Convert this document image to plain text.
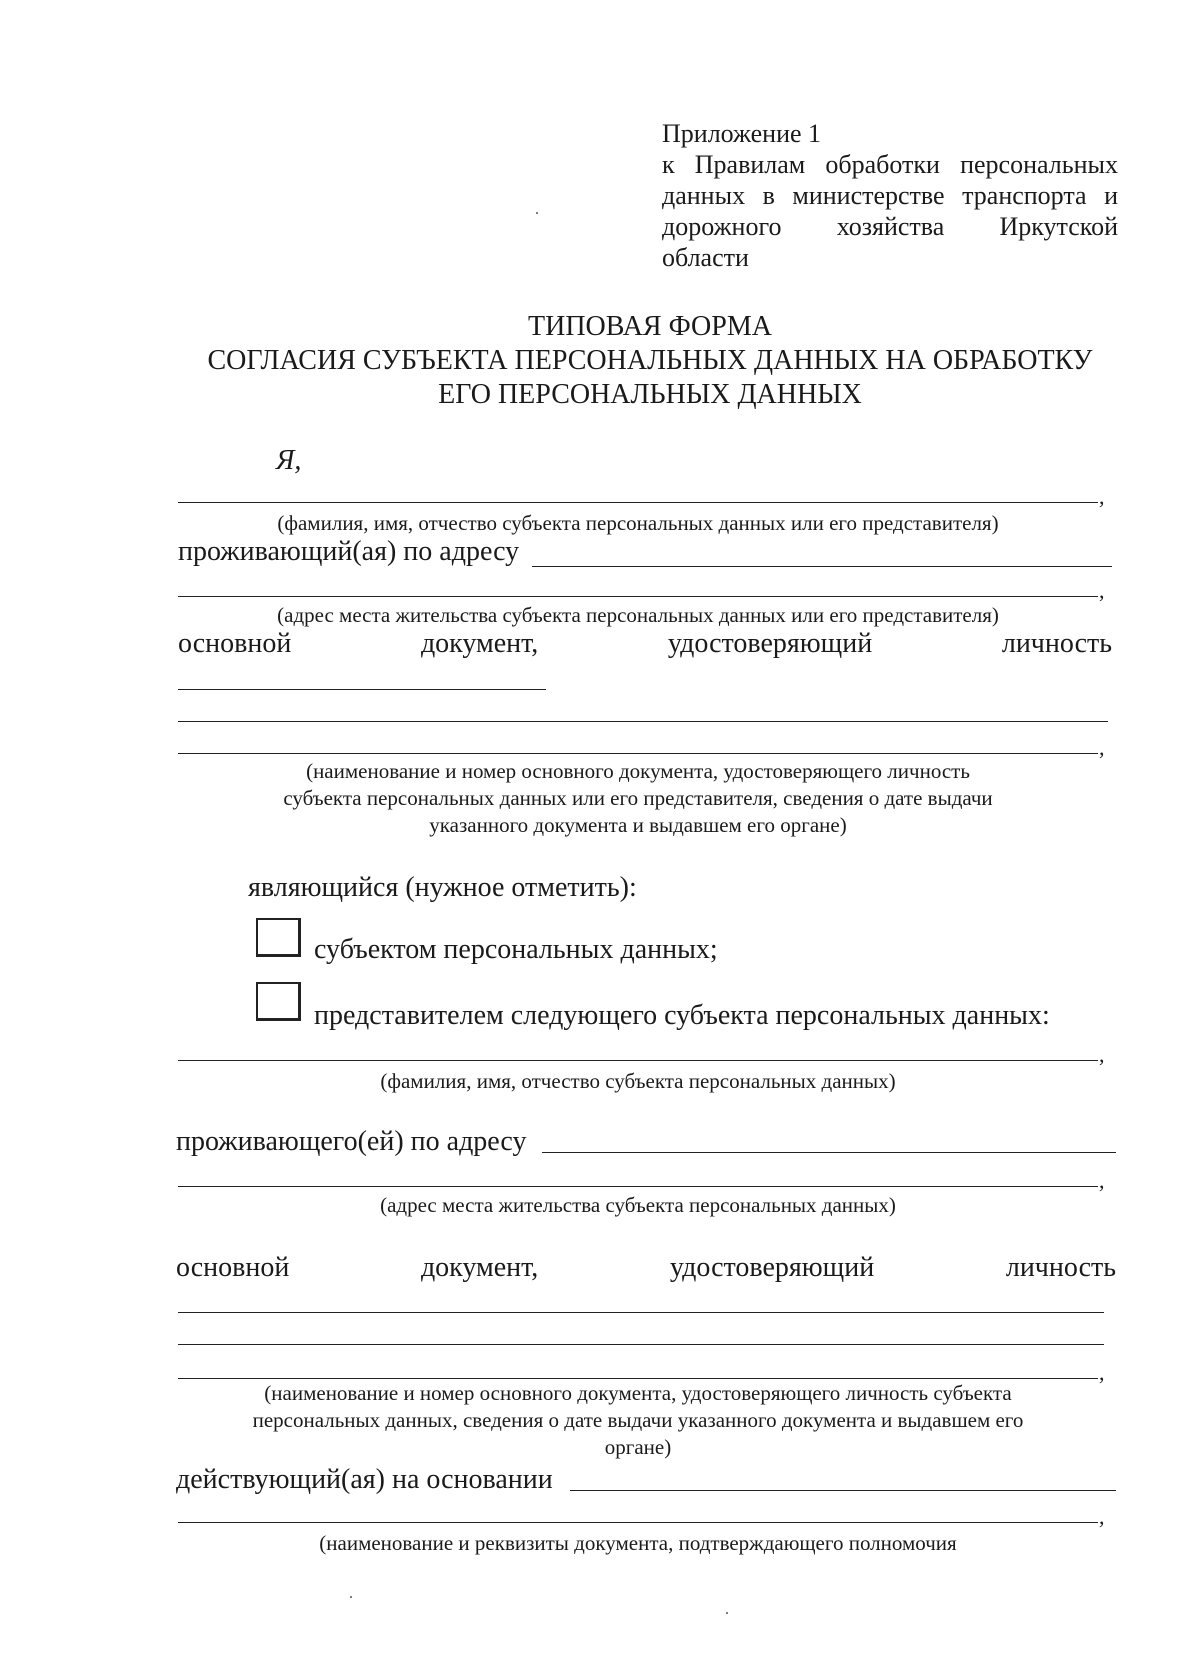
Приложение 1
к Правилам обработки персональных
данных в министерстве транспорта и
дорожного хозяйства Иркутской
области
ТИПОВАЯ ФОРМА
СОГЛАСИЯ СУБЪЕКТА ПЕРСОНАЛЬНЫХ ДАННЫХ НА ОБРАБОТКУ
ЕГО ПЕРСОНАЛЬНЫХ ДАННЫХ
Я,
,
(фамилия, имя, отчество субъекта персональных данных или его представителя)
проживающий(ая) по адресу
,
(адрес места жительства субъекта персональных данных или его представителя)
основной	документ,	удостоверяющий	личность
,
(наименование и номер основного документа, удостоверяющего личность
субъекта персональных данных или его представителя, сведения о дате выдачи
указанного документа и выдавшем его органе)
являющийся (нужное отметить):
субъектом персональных данных;
представителем следующего субъекта персональных данных:
,
(фамилия, имя, отчество субъекта персональных данных)
проживающего(ей) по адресу
,
(адрес места жительства субъекта персональных данных)
основной	документ,	удостоверяющий	личность
,
(наименование и номер основного документа, удостоверяющего личность субъекта
персональных данных, сведения о дате выдачи указанного документа и выдавшем его
органе)
действующий(ая) на основании
,
(наименование и реквизиты документа, подтверждающего полномочия
